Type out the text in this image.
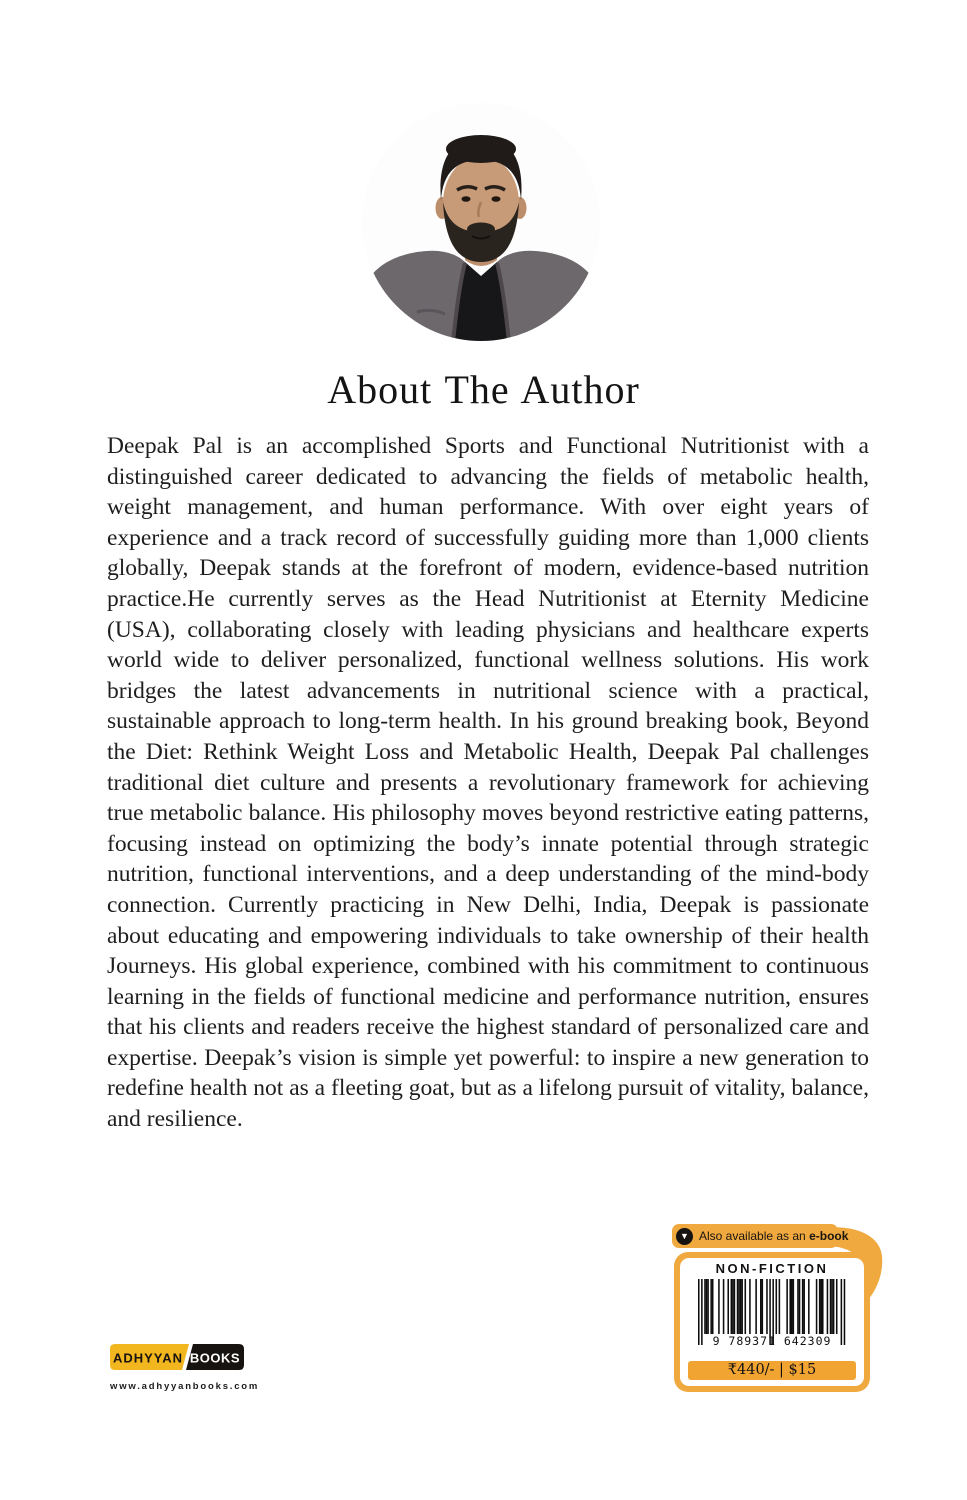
About The Author

Deepak Pal is an accomplished Sports and Functional Nutritionist with a distinguished career dedicated to advancing the fields of metabolic health, weight management, and human performance. With over eight years of experience and a track record of successfully guiding more than 1,000 clients globally, Deepak stands at the forefront of modern, evidence-based nutrition practice.He currently serves as the Head Nutritionist at Eternity Medicine (USA), collaborating closely with leading physicians and healthcare experts world wide to deliver personalized, functional wellness solutions. His work bridges the latest advancements in nutritional science with a practical, sustainable approach to long-term health. In his ground breaking book, Beyond the Diet: Rethink Weight Loss and Metabolic Health, Deepak Pal challenges traditional diet culture and presents a revolutionary framework for achieving true metabolic balance. His philosophy moves beyond restrictive eating patterns, focusing instead on optimizing the body’s innate potential through strategic nutrition, functional interventions, and a deep understanding of the mind-body connection. Currently practicing in New Delhi, India, Deepak is passionate about educating and empowering individuals to take ownership of their health Journeys. His global experience, combined with his commitment to continuous learning in the fields of functional medicine and performance nutrition, ensures that his clients and readers receive the highest standard of personalized care and expertise. Deepak’s vision is simple yet powerful: to inspire a new generation to redefine health not as a fleeting goat, but as a lifelong pursuit of vitality, balance, and resilience.

▼ Also available as an e-book
NON-FICTION
9 789371 642309
₹440/- | $15
ADHYYAN BOOKS
www.adhyyanbooks.com
